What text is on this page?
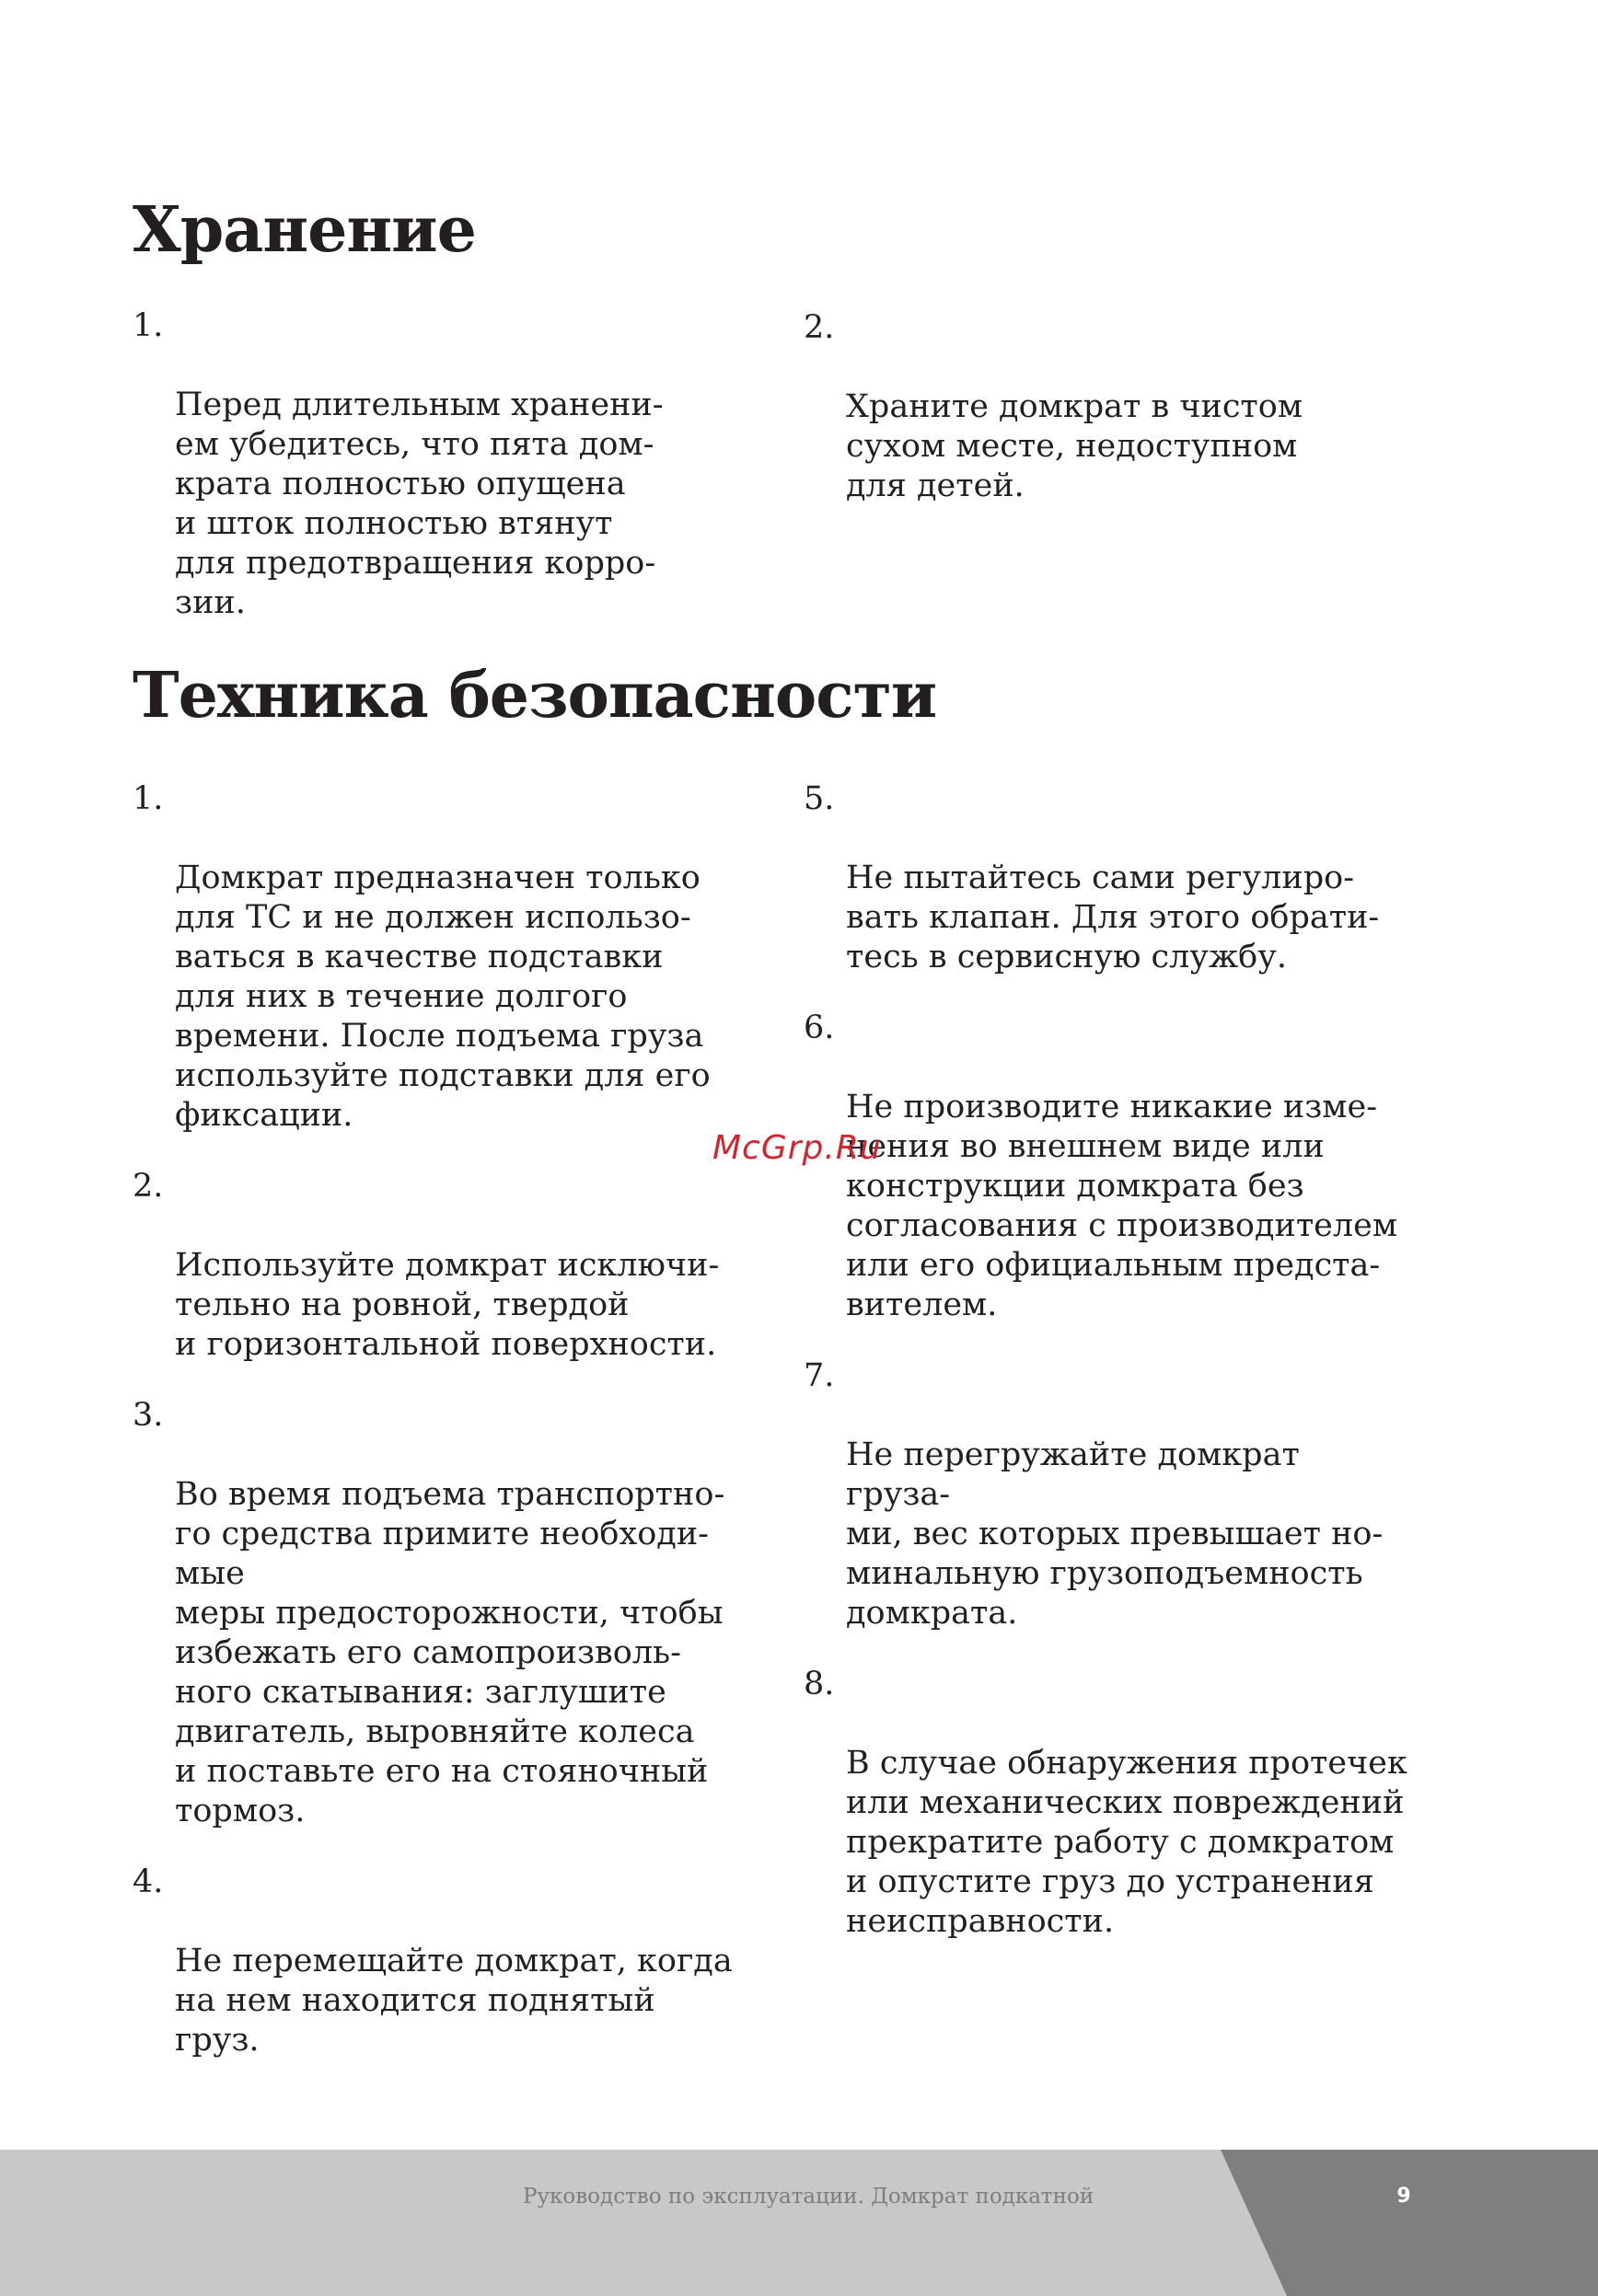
Хранение

1.

Перед длительным хранени-
ем убедитесь, что пята дом-
крата полностью опущена
и шток полностью втянут
для предотвращения корро-
зии.

2.

Храните домкрат в чистом
сухом месте, недоступном
для детей.

Техника безопасности

1.

Домкрат предназначен только
для ТС и не должен использо-
ваться в качестве подставки
для них в течение долгого
времени. После подъема груза
используйте подставки для его
фиксации.

2.

Используйте домкрат исключи-
тельно на ровной, твердой
и горизонтальной поверхности.

3.

Во время подъема транспортно-
го средства примите необходи-
мые
меры предосторожности, чтобы
избежать его самопроизволь-
ного скатывания: заглушите
двигатель, выровняйте колеса
и поставьте его на стояночный
тормоз.

4.

Не перемещайте домкрат, когда
на нем находится поднятый
груз.

5.

Не пытайтесь сами регулиро-
вать клапан. Для этого обрати-
тесь в сервисную службу.

6.

Не производите никакие изме-
нения во внешнем виде или
конструкции домкрата без
согласования с производителем
или его официальным предста-
вителем.

7.

Не перегружайте домкрат груза-
ми, вес которых превышает но-
минальную грузоподъемность
домкрата.

8.

В случае обнаружения протечек
или механических повреждений
прекратите работу с домкратом
и опустите груз до устранения
неисправности.

McGrp.Ru
Руководство по эксплуатации. Домкрат подкатной	9
